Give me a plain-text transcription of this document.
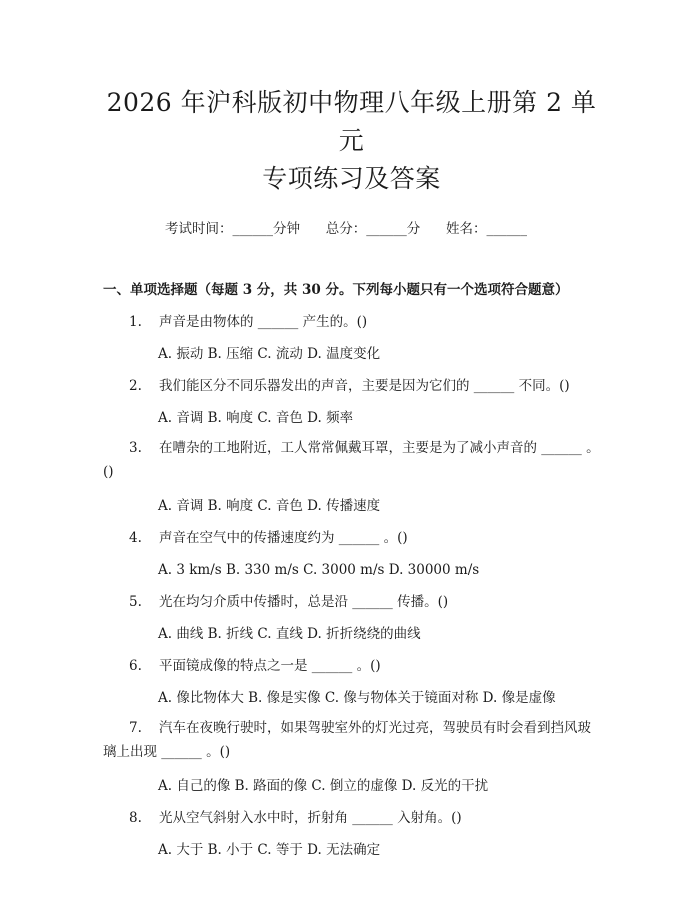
2026 年沪科版初中物理八年级上册第 2 单元
专项练习及答案
考试时间：______分钟      总分：______分      姓名：______
一、单项选择题（每题 3 分，共 30 分。下列每小题只有一个选项符合题意）
1. 声音是由物体的 ______ 产生的。()
A. 振动 B. 压缩 C. 流动 D. 温度变化
2. 我们能区分不同乐器发出的声音，主要是因为它们的 ______ 不同。()
A. 音调 B. 响度 C. 音色 D. 频率
3. 在嘈杂的工地附近，工人常常佩戴耳罩，主要是为了减小声音的 ______ 。()
A. 音调 B. 响度 C. 音色 D. 传播速度
4. 声音在空气中的传播速度约为 ______ 。()
A. 3 km/s B. 330 m/s C. 3000 m/s D. 30000 m/s
5. 光在均匀介质中传播时，总是沿 ______ 传播。()
A. 曲线 B. 折线 C. 直线 D. 折折绕绕的曲线
6. 平面镜成像的特点之一是 ______ 。()
A. 像比物体大 B. 像是实像 C. 像与物体关于镜面对称 D. 像是虚像
7. 汽车在夜晚行驶时，如果驾驶室外的灯光过亮，驾驶员有时会看到挡风玻璃上出现 ______ 。()
A. 自己的像 B. 路面的像 C. 倒立的虚像 D. 反光的干扰
8. 光从空气斜射入水中时，折射角 ______ 入射角。()
A. 大于 B. 小于 C. 等于 D. 无法确定
